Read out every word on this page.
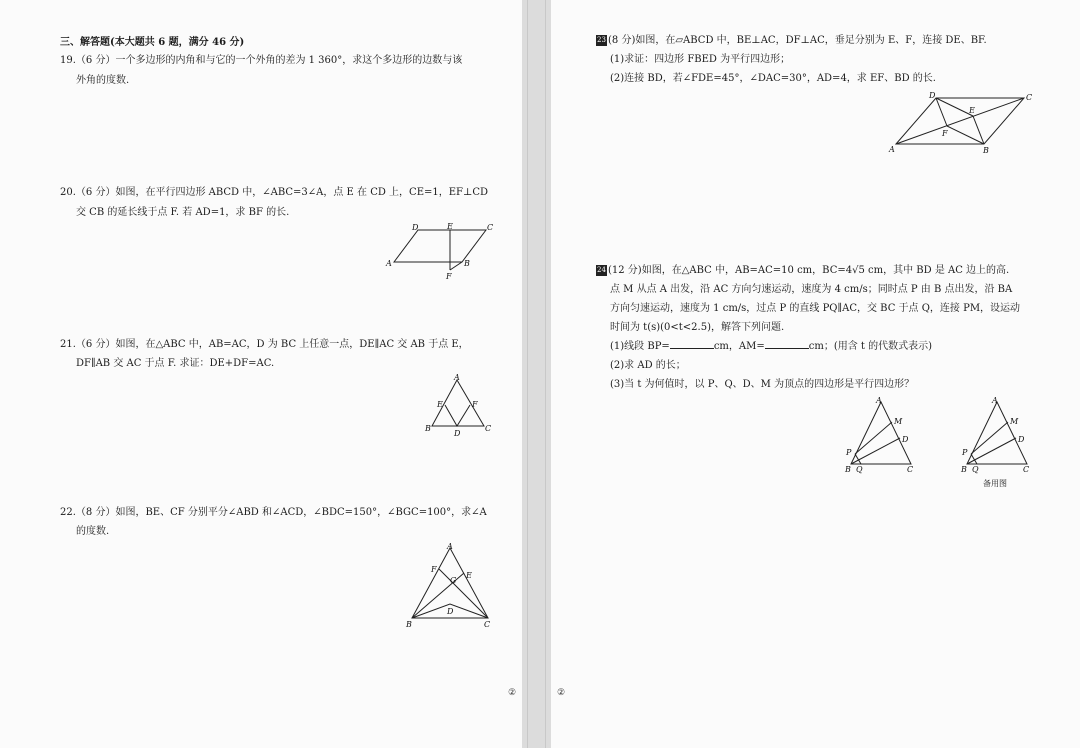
三、解答题(本大题共 6 题，满分 46 分)
19.（6 分）一个多边形的内角和与它的一个外角的差为 1 360°，求这个多边形的边数与该
外角的度数.
20.（6 分）如图，在平行四边形 ABCD 中，∠ABC=3∠A，点 E 在 CD 上，CE=1，EF⊥CD
交 CB 的延长线于点 F. 若 AD=1，求 BF 的长.
D	E	C
A	B
F
21.（6 分）如图，在△ABC 中，AB=AC，D 为 BC 上任意一点，DE∥AC 交 AB 于点 E，
DF∥AB 交 AC 于点 F. 求证：DE+DF=AC.
A
E	F
B
D
C
22.（8 分）如图，BE、CF 分别平分∠ABD 和∠ACD，∠BDC=150°，∠BGC=100°，求∠A
的度数.
A
F
G
E
D
B	C
②
23 (8 分)如图，在▱ABCD 中，BE⊥AC，DF⊥AC，垂足分别为 E、F，连接 DE、BF.
(1)求证：四边形 FBED 为平行四边形；
(2)连接 BD，若∠FDE=45°，∠DAC=30°，AD=4，求 EF、BD 的长.
D	C
E
F
A	B
24 (12 分)如图，在△ABC 中，AB=AC=10 cm，BC=4√5 cm，其中 BD 是 AC 边上的高.
点 M 从点 A 出发，沿 AC 方向匀速运动，速度为 4 cm/s；同时点 P 由 B 点出发，沿 BA
方向匀速运动，速度为 1 cm/s，过点 P 的直线 PQ∥AC，交 BC 于点 Q，连接 PM，设运动
时间为 t(s)(0<t<2.5)，解答下列问题.
(1)线段 BP=	cm，AM=	cm；(用含 t 的代数式表示)
(2)求 AD 的长；
(3)当 t 为何值时，以 P、Q、D、M 为顶点的四边形是平行四边形？
A
M
D
P
B Q	C
A
M
D
P
B Q	C
备用图
②
